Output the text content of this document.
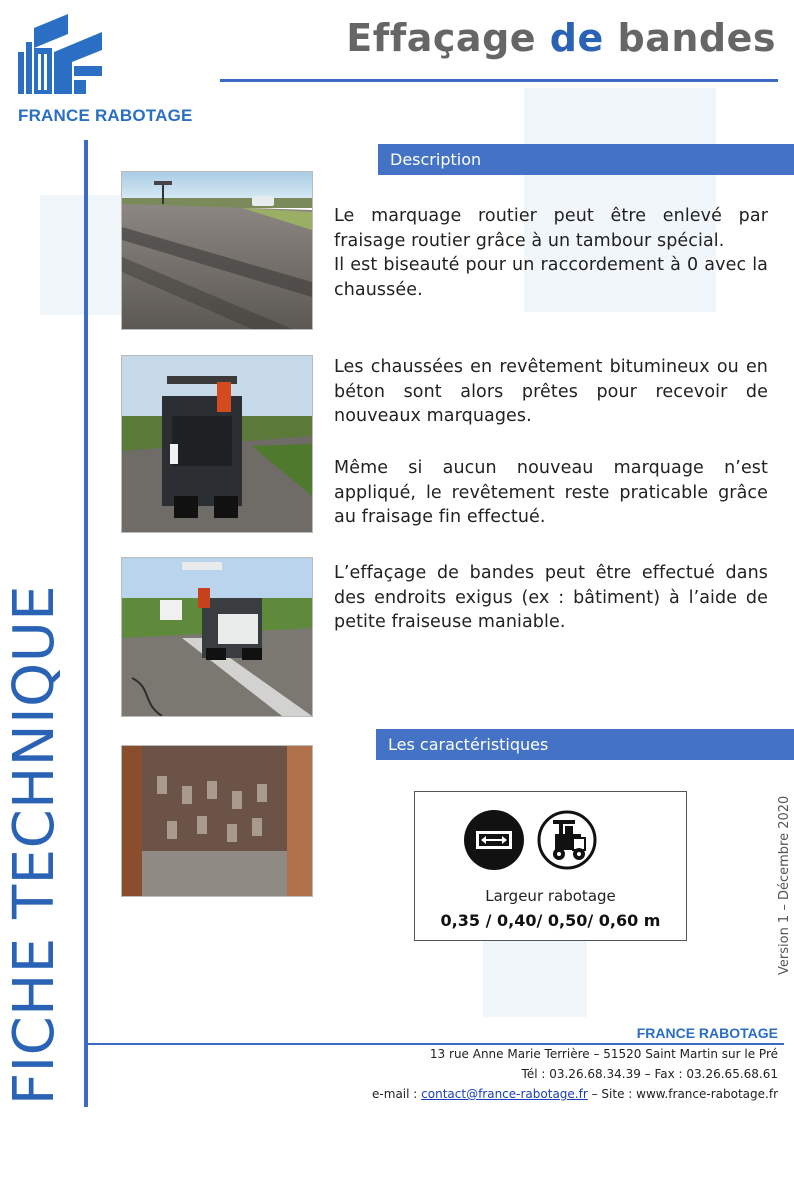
FRANCE RABOTAGE
Effaçage de bandes
FICHE TECHNIQUE
Description

Le marquage routier peut être enlevé par fraisage routier grâce à un tambour spécial.

Il est biseauté pour un raccordement à 0 avec la chaussée.

Les chaussées en revêtement bitumineux ou en béton sont alors prêtes pour recevoir de nouveaux marquages.

Même si aucun nouveau marquage n’est appliqué, le revêtement reste praticable grâce au fraisage fin effectué.

L’effaçage de bandes peut être effectué dans des endroits exigus (ex : bâtiment) à l’aide de petite fraiseuse maniable.

Les caractéristiques
Largeur rabotage
0,35 / 0,40/ 0,50/ 0,60 m	Version 1 – Décembre 2020
FRANCE RABOTAGE
13 rue Anne Marie Terrière – 51520 Saint Martin sur le Pré
Tél : 03.26.68.34.39 – Fax : 03.26.65.68.61
e-mail : contact@france-rabotage.fr – Site : www.france-rabotage.fr
